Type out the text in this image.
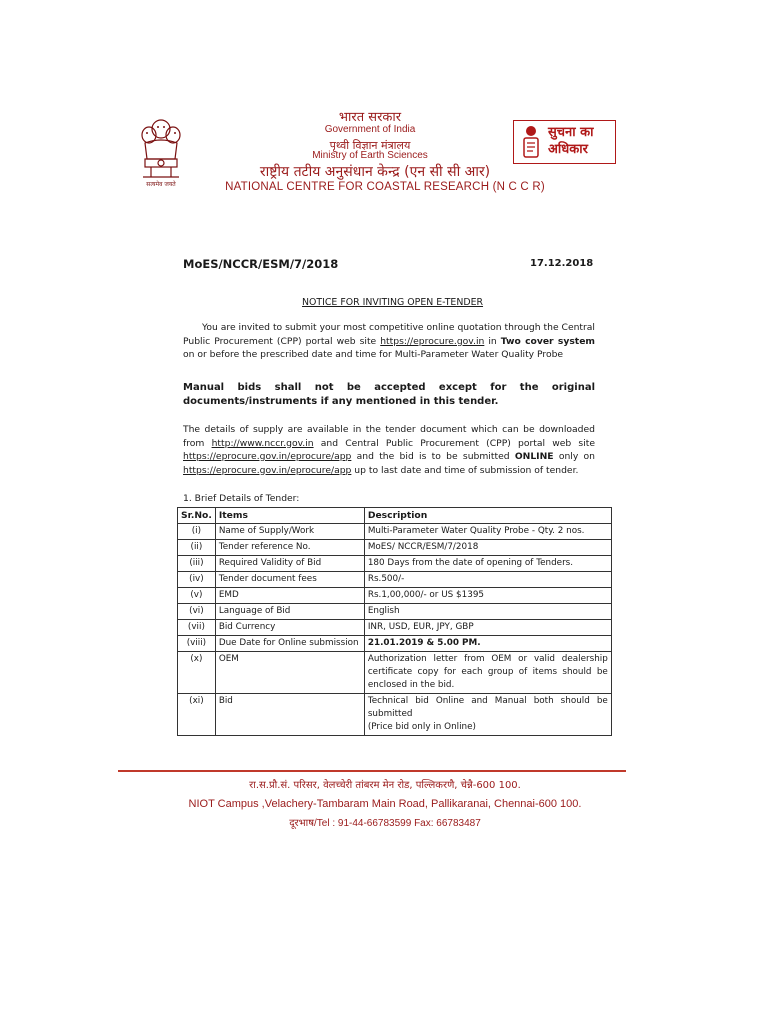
सत्यमेव जयते
भारत सरकार
Government of India
पृथ्वी विज्ञान मंत्रालय
Ministry of Earth Sciences
राष्ट्रीय तटीय अनुसंधान केन्द्र (एन सी सी आर)
NATIONAL CENTRE FOR COASTAL RESEARCH (N C C R)
सुचना का
अधिकार
MoES/NCCR/ESM/7/2018	17.12.2018
NOTICE FOR INVITING OPEN E-TENDER
You are invited to submit your most competitive online quotation through the Central Public Procurement (CPP) portal web site https://eprocure.gov.in in Two cover system on or before the prescribed date and time for Multi-Parameter Water Quality Probe
Manual bids shall not be accepted except for the original documents/instruments if any mentioned in this tender.
The details of supply are available in the tender document which can be downloaded from http://www.nccr.gov.in and Central Public Procurement (CPP) portal web site https://eprocure.gov.in/eprocure/app and the bid is to be submitted ONLINE only on https://eprocure.gov.in/eprocure/app up to last date and time of submission of tender.
1. Brief Details of Tender:
Sr.No.	Items	Description
(i)	Name of Supply/Work	Multi-Parameter Water Quality Probe - Qty. 2 nos.
(ii)	Tender reference No.	MoES/ NCCR/ESM/7/2018
(iii)	Required Validity of Bid	180 Days from the date of opening of Tenders.
(iv)	Tender document fees	Rs.500/-
(v)	EMD	Rs.1,00,000/- or US $1395
(vi)	Language of Bid	English
(vii)	Bid Currency	INR, USD, EUR, JPY, GBP
(viii)	Due Date for Online submission	21.01.2019 & 5.00 PM.
(x)	OEM	Authorization letter from OEM or valid dealership certificate copy for each group of items should be enclosed in the bid.
(xi)	Bid	Technical bid Online and Manual both should be submitted
(Price bid only in Online)
रा.स.प्रौ.सं. परिसर, वेलच्चेरी तांबरम मेन रोड, पल्लिकरणै, चेन्नै-600 100.
NIOT Campus ,Velachery-Tambaram Main Road, Pallikaranai, Chennai-600 100.
दूरभाष/Tel : 91-44-66783599 Fax: 66783487
